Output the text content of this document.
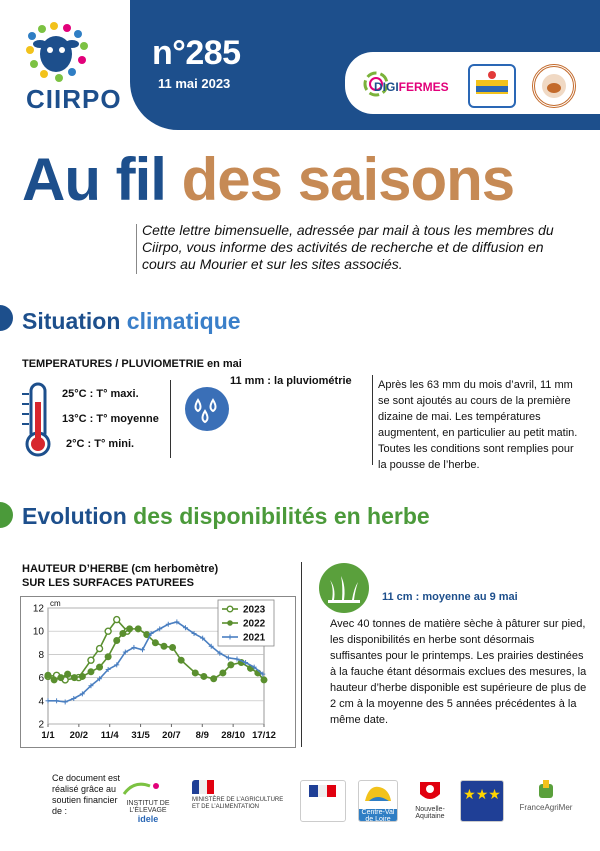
n°285
11 mai 2023	DIGIFERMES
CIIRPO
Au fil des saisons
Cette lettre bimensuelle, adressée par mail à tous les membres du Ciirpo, vous informe des activités de recherche et de diffusion en cours au Mourier et sur les sites associés.
Situation climatique
TEMPERATURES / PLUVIOMETRIE en mai
25°C : T° maxi.
13°C : T° moyenne
2°C : T° mini.
11 mm : la pluviométrie Après les 63 mm du mois d’avril, 11 mm se sont ajoutés au cours de la première dizaine de mai. Les températures augmentent, en particulier au petit matin. Toutes les conditions sont remplies pour la pousse de l’herbe.
Evolution des disponibilités en herbe
HAUTEUR D’HERBE (cm herbomètre)
SUR LES SURFACES PATUREES
2
4
6
8
10
12 cm
1/1 20/2 11/4 31/5 20/7 8/9 28/10 17/12
2023
2022
2021
11 cm : moyenne au 9 mai
Avec 40 tonnes de matière sèche à pâturer sur pied, les disponibilités en herbe sont désormais suffisantes pour le printemps. Les prairies destinées à la fauche étant désormais exclues des mesures, la hauteur d’herbe disponible est supérieure de plus de 2 cm à la moyenne des 5 années précédentes à la même date.
Ce document est réalisé grâce au soutien financier de :
INSTITUT DE L’ÉLEVAGE idele
MINISTÈRE DE L’AGRICULTURE ET DE L’ALIMENTATION
Centre-Val de Loire
Nouvelle-Aquitaine
★★★
FranceAgriMer
